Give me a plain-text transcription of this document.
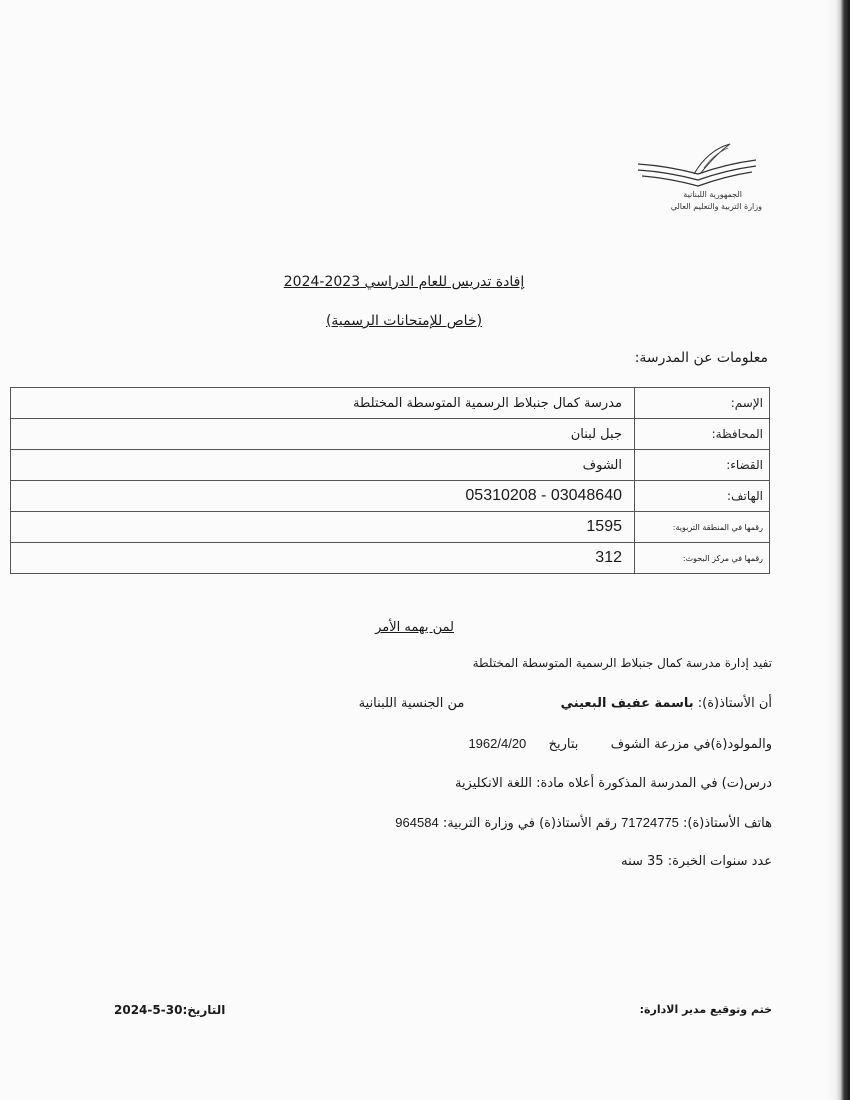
الجمهورية اللبنانية
وزارة التربية والتعليم العالي
إفادة تدريس للعام الدراسي 2023-2024
(خاص للإمتحانات الرسمية)
معلومات عن المدرسة:
الإسم:	مدرسة كمال جنبلاط الرسمية المتوسطة المختلطة	
المحافظة:	جبل لبنان	
القضاء:	الشوف	
الهاتف:	03048640 - 05310208	
رقمها في المنطقة التربوية:	1595	
رقمها في مركز البحوث:	312	
لمن يهمه الأمر
تفيد إدارة مدرسة كمال جنبلاط الرسمية المتوسطة المختلطة
أن الأستاذ(ة): باسمة عفيف البعيني  من الجنسية اللبنانية
والمولود(ة)في مزرعة الشوف  بتاريخ  1962/4/20
درس(ت) في المدرسة المذكورة أعلاه مادة: اللغة الانكليزية
هاتف الأستاذ(ة): 71724775 رقم الأستاذ(ة) في وزارة التربية: 964584
عدد سنوات الخبرة: 35 سنه
ختم وتوقيع مدير الادارة:
التاريخ:30-5-2024
